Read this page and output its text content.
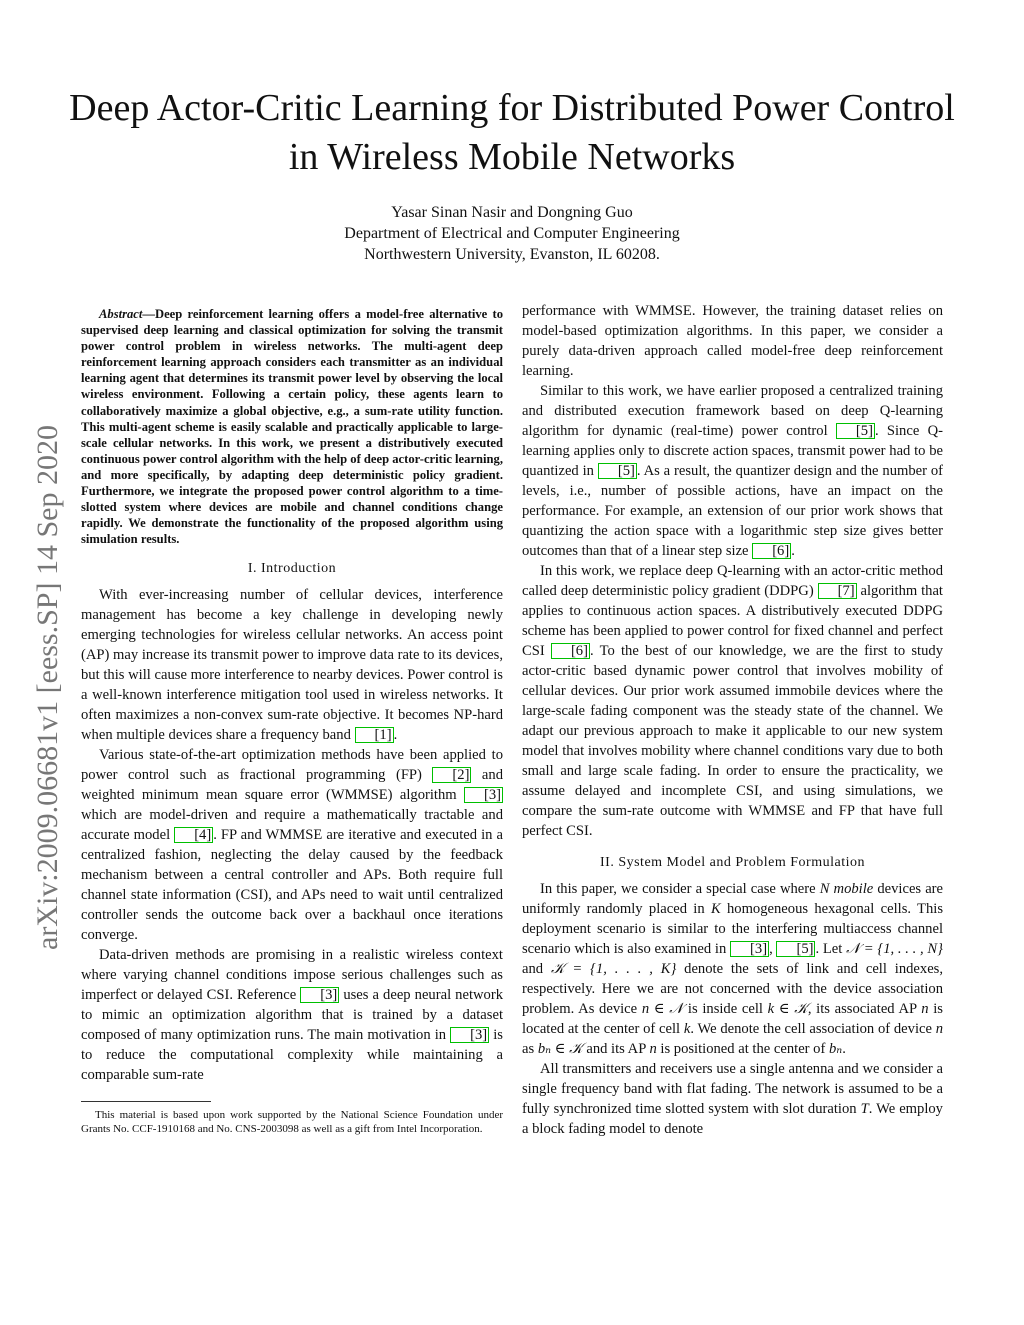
Deep Actor-Critic Learning for Distributed Power Control in Wireless Mobile Networks
Yasar Sinan Nasir and Dongning Guo
Department of Electrical and Computer Engineering
Northwestern University, Evanston, IL 60208.
arXiv:2009.06681v1 [eess.SP] 14 Sep 2020
Abstract—Deep reinforcement learning offers a model-free alternative to supervised deep learning and classical optimization for solving the transmit power control problem in wireless networks. The multi-agent deep reinforcement learning approach considers each transmitter as an individual learning agent that determines its transmit power level by observing the local wireless environment. Following a certain policy, these agents learn to collaboratively maximize a global objective, e.g., a sum-rate utility function. This multi-agent scheme is easily scalable and practically applicable to large-scale cellular networks. In this work, we present a distributively executed continuous power control algorithm with the help of deep actor-critic learning, and more specifically, by adapting deep deterministic policy gradient. Furthermore, we integrate the proposed power control algorithm to a time-slotted system where devices are mobile and channel conditions change rapidly. We demonstrate the functionality of the proposed algorithm using simulation results.
I. Introduction

With ever-increasing number of cellular devices, interference management has become a key challenge in developing newly emerging technologies for wireless cellular networks. An access point (AP) may increase its transmit power to improve data rate to its devices, but this will cause more interference to nearby devices. Power control is a well-known interference mitigation tool used in wireless networks. It often maximizes a non-convex sum-rate objective. It becomes NP-hard when multiple devices share a frequency band [1] .

Various state-of-the-art optimization methods have been applied to power control such as fractional programming (FP) [2] and weighted minimum mean square error (WMMSE) algorithm [3] which are model-driven and require a mathematically tractable and accurate model [4] . FP and WMMSE are iterative and executed in a centralized fashion, neglecting the delay caused by the feedback mechanism between a central controller and APs. Both require full channel state information (CSI), and APs need to wait until centralized controller sends the outcome back over a backhaul once iterations converge.

Data-driven methods are promising in a realistic wireless context where varying channel conditions impose serious challenges such as imperfect or delayed CSI. Reference [3] uses a deep neural network to mimic an optimization algorithm that is trained by a dataset composed of many optimization runs. The main motivation in [3] is to reduce the computational complexity while maintaining a comparable sum-rate

This material is based upon work supported by the National Science Foundation under Grants No. CCF-1910168 and No. CNS-2003098 as well as a gift from Intel Incorporation.

performance with WMMSE. However, the training dataset relies on model-based optimization algorithms. In this paper, we consider a purely data-driven approach called model-free deep reinforcement learning.

Similar to this work, we have earlier proposed a centralized training and distributed execution framework based on deep Q-learning algorithm for dynamic (real-time) power control [5] . Since Q-learning applies only to discrete action spaces, transmit power had to be quantized in [5] . As a result, the quantizer design and the number of levels, i.e., number of possible actions, have an impact on the performance. For example, an extension of our prior work shows that quantizing the action space with a logarithmic step size gives better outcomes than that of a linear step size [6] .

In this work, we replace deep Q-learning with an actor-critic method called deep deterministic policy gradient (DDPG) [7] algorithm that applies to continuous action spaces. A distributively executed DDPG scheme has been applied to power control for fixed channel and perfect CSI [6] . To the best of our knowledge, we are the first to study actor-critic based dynamic power control that involves mobility of cellular devices. Our prior work assumed immobile devices where the large-scale fading component was the steady state of the channel. We adapt our previous approach to make it applicable to our new system model that involves mobility where channel conditions vary due to both small and large scale fading. In order to ensure the practicality, we assume delayed and incomplete CSI, and using simulations, we compare the sum-rate outcome with WMMSE and FP that have full perfect CSI.

II. System Model and Problem Formulation

In this paper, we consider a special case where N mobile devices are uniformly randomly placed in K homogeneous hexagonal cells. This deployment scenario is similar to the interfering multiaccess channel scenario which is also examined in [3] , [5] . Let 𝒩 = {1, . . . , N} and 𝒦 = {1, . . . , K} denote the sets of link and cell indexes, respectively. Here we are not concerned with the device association problem. As device n ∈ 𝒩 is inside cell k ∈ 𝒦, its associated AP n is located at the center of cell k. We denote the cell association of device n as bₙ ∈ 𝒦 and its AP n is positioned at the center of bₙ.

All transmitters and receivers use a single antenna and we consider a single frequency band with flat fading. The network is assumed to be a fully synchronized time slotted system with slot duration T. We employ a block fading model to denote
